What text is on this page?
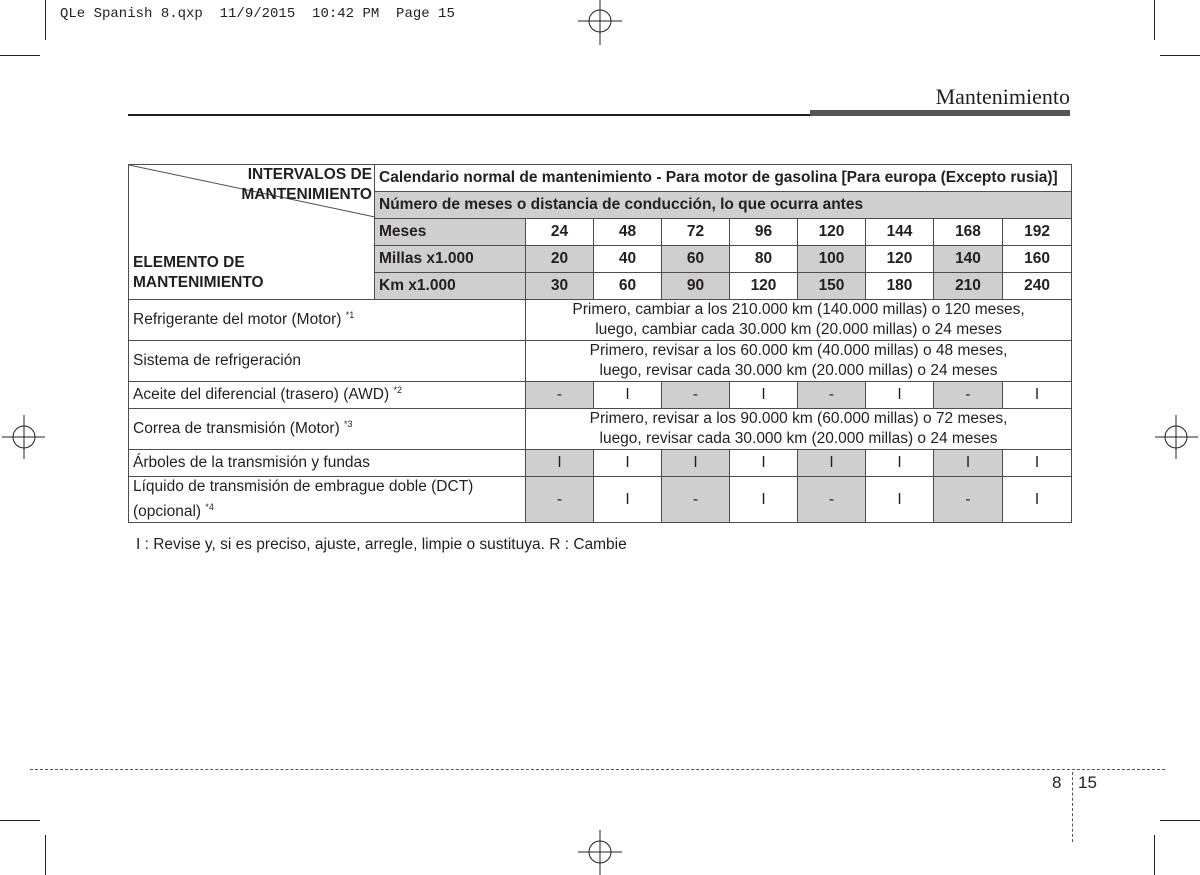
QLe Spanish 8.qxp  11/9/2015  10:42 PM  Page 15
Mantenimiento
INTERVALOS DE MANTENIMIENTO
ELEMENTO DE MANTENIMIENTO	Calendario normal de mantenimiento - Para motor de gasolina [Para europa (Excepto rusia)]								
	Número de meses o distancia de conducción, lo que ocurra antes								
	Meses	24	48	72	96	120	144	168	192
	Millas x1.000	20	40	60	80	100	120	140	160
	Km x1.000	30	60	90	120	150	180	210	240
Refrigerante del motor (Motor) $^{*1}$		Primero, cambiar a los 210.000 km (140.000 millas) o 120 meses,
luego, cambiar cada 30.000 km (20.000 millas) o 24 meses							

Sistema de refrigeración		Primero, revisar a los 60.000 km (40.000 millas) o 48 meses,
luego, revisar cada 30.000 km (20.000 millas) o 24 meses							

Aceite del diferencial (trasero) (AWD) $^{*2}$		-	I	-	I	-	I	-	I
Correa de transmisión (Motor) $^{*3}$		Primero, revisar a los 90.000 km (60.000 millas) o 72 meses,
luego, revisar cada 30.000 km (20.000 millas) o 24 meses							

Árboles de la transmisión y fundas		I	I	I	I	I	I	I	I

Líquido de transmisión de embrague doble (DCT)
(opcional) $^{*4}$		-	I	-	I	-	I	-	I
I : Revise y, si es preciso, ajuste, arregle, limpie o sustituya. R : Cambie
8 15
